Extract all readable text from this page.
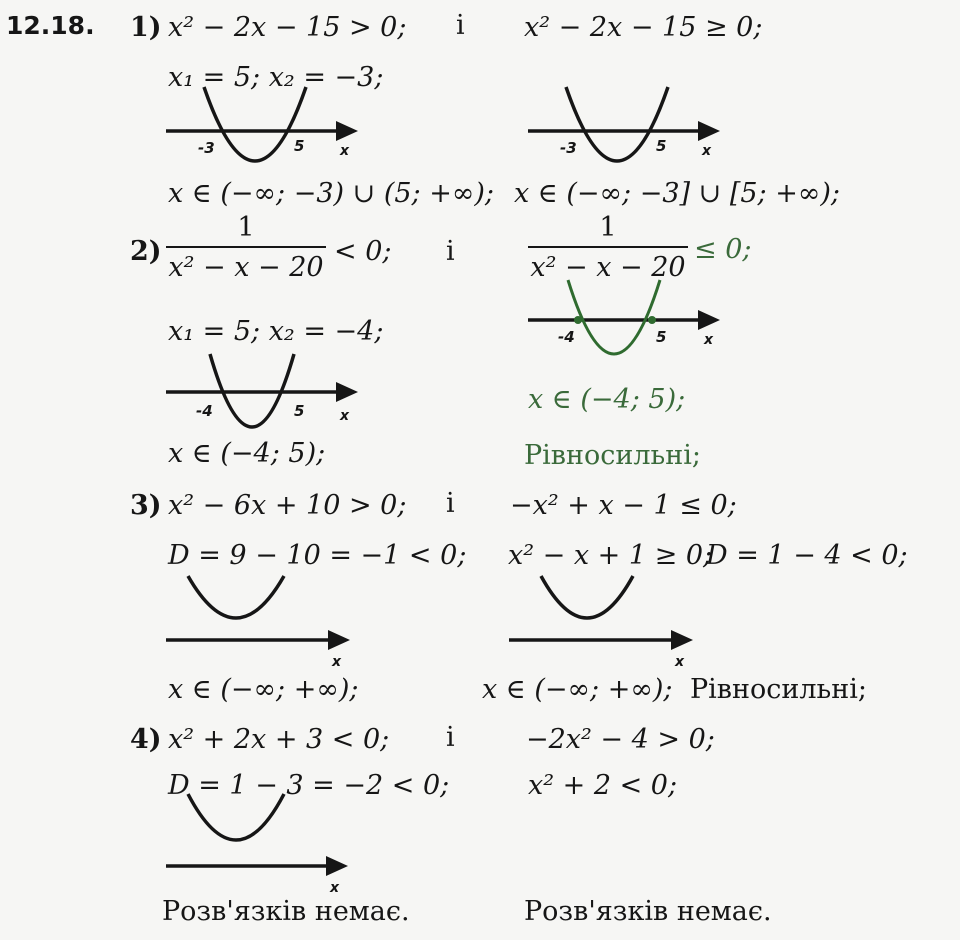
12.18. 1) x² − 2x − 15 > 0; і x² − 2x − 15 ≥ 0;
x₁ = 5; x₂ = −3;
-3	5	x	-3	5	x
x ∈ (−∞; −3) ∪ (5; +∞); x ∈ (−∞; −3] ∪ [5; +∞);
2)
1
x² − x − 20
< 0; і
1
x² − x − 20
≤ 0;
x₁ = 5; x₂ = −4;
-4	5	x
-4	5	x
x ∈ (−4; 5);
x ∈ (−4; 5);	Рівносильні;
3) x² − 6x + 10 > 0; і −x² + x − 1 ≤ 0;
D = 9 − 10 = −1 < 0; x² − x + 1 ≥ 0;
D = 1 − 4 < 0;
x	x
x ∈ (−∞; +∞);	x ∈ (−∞; +∞); Рівносильні;
4) x² + 2x + 3 < 0; і	−2x² − 4 > 0;
D = 1 − 3 = −2 < 0;	x² + 2 < 0;
x
Розв'язків немає.	Розв'язків немає.
